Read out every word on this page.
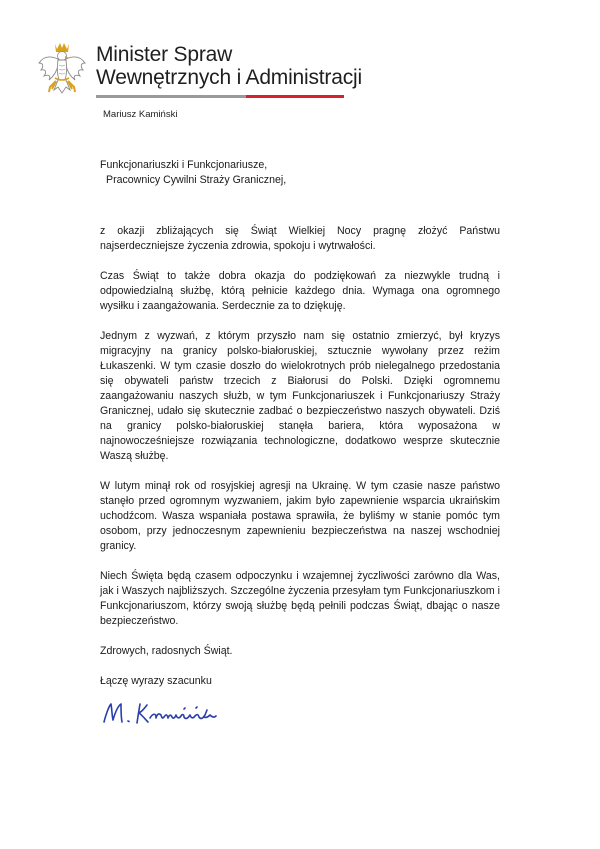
Minister Spraw
Wewnętrznych i Administracji
Mariusz Kamiński
Funkcjonariuszki i Funkcjonariusze,
Pracownicy Cywilni Straży Granicznej,

z okazji zbliżających się Świąt Wielkiej Nocy pragnę złożyć Państwu najserdeczniejsze życzenia zdrowia, spokoju i wytrwałości.

Czas Świąt to także dobra okazja do podziękowań za niezwykle trudną i odpowiedzialną służbę, którą pełnicie każdego dnia. Wymaga ona ogromnego wysiłku i zaangażowania. Serdecznie za to dziękuję.

Jednym z wyzwań, z którym przyszło nam się ostatnio zmierzyć, był kryzys migracyjny na granicy polsko-białoruskiej, sztucznie wywołany przez reżim Łukaszenki. W tym czasie doszło do wielokrotnych prób nielegalnego przedostania się obywateli państw trzecich z Białorusi do Polski. Dzięki ogromnemu zaangażowaniu naszych służb, w tym Funkcjonariuszek i Funkcjonariuszy Straży Granicznej, udało się skutecznie zadbać o bezpieczeństwo naszych obywateli. Dziś na granicy polsko-białoruskiej stanęła bariera, która wyposażona w najnowocześniejsze rozwiązania technologiczne, dodatkowo wesprze skutecznie Waszą służbę.

W lutym minął rok od rosyjskiej agresji na Ukrainę. W tym czasie nasze państwo stanęło przed ogromnym wyzwaniem, jakim było zapewnienie wsparcia ukraińskim uchodźcom. Wasza wspaniała postawa sprawiła, że byliśmy w stanie pomóc tym osobom, przy jednoczesnym zapewnieniu bezpieczeństwa na naszej wschodniej granicy.

Niech Święta będą czasem odpoczynku i wzajemnej życzliwości zarówno dla Was, jak i Waszych najbliższych. Szczególne życzenia przesyłam tym Funkcjonariuszkom i Funkcjonariuszom, którzy swoją służbę będą pełnili podczas Świąt, dbając o nasze bezpieczeństwo.

Zdrowych, radosnych Świąt.
Łączę wyrazy szacunku
